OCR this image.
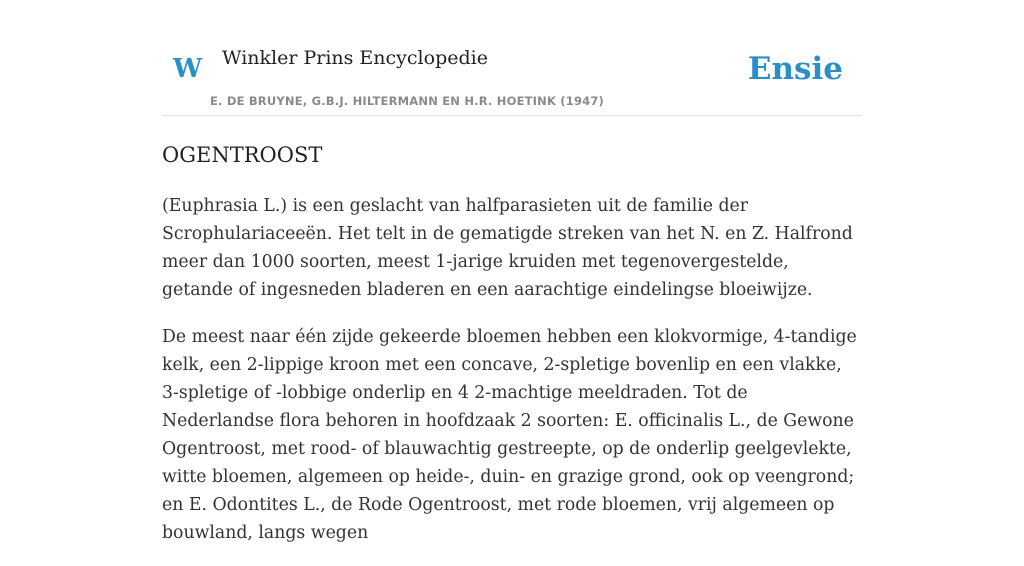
W Winkler Prins Encyclopedie	Ensie
E. DE BRUYNE, G.B.J. HILTERMANN EN H.R. HOETINK (1947)
OGENTROOST

(Euphrasia L.) is een geslacht van halfparasieten uit de familie der Scrophulariaceeën. Het telt in de gematigde streken van het N. en Z. Halfrond meer dan 1000 soorten, meest 1-jarige kruiden met tegenovergestelde, getande of ingesneden bladeren en een aarachtige eindelingse bloeiwijze.

De meest naar één zijde gekeerde bloemen hebben een klokvormige, 4-tandige kelk, een 2-lippige kroon met een concave, 2-spletige bovenlip en een vlakke, 3-spletige of -lobbige onderlip en 4 2-machtige meeldraden. Tot de Nederlandse flora behoren in hoofdzaak 2 soorten: E. officinalis L., de Gewone Ogentroost, met rood- of blauwachtig gestreepte, op de onderlip geelgevlekte, witte bloemen, algemeen op heide-, duin- en grazige grond, ook op veengrond; en E. Odontites L., de Rode Ogentroost, met rode bloemen, vrij algemeen op bouwland, langs wegen
